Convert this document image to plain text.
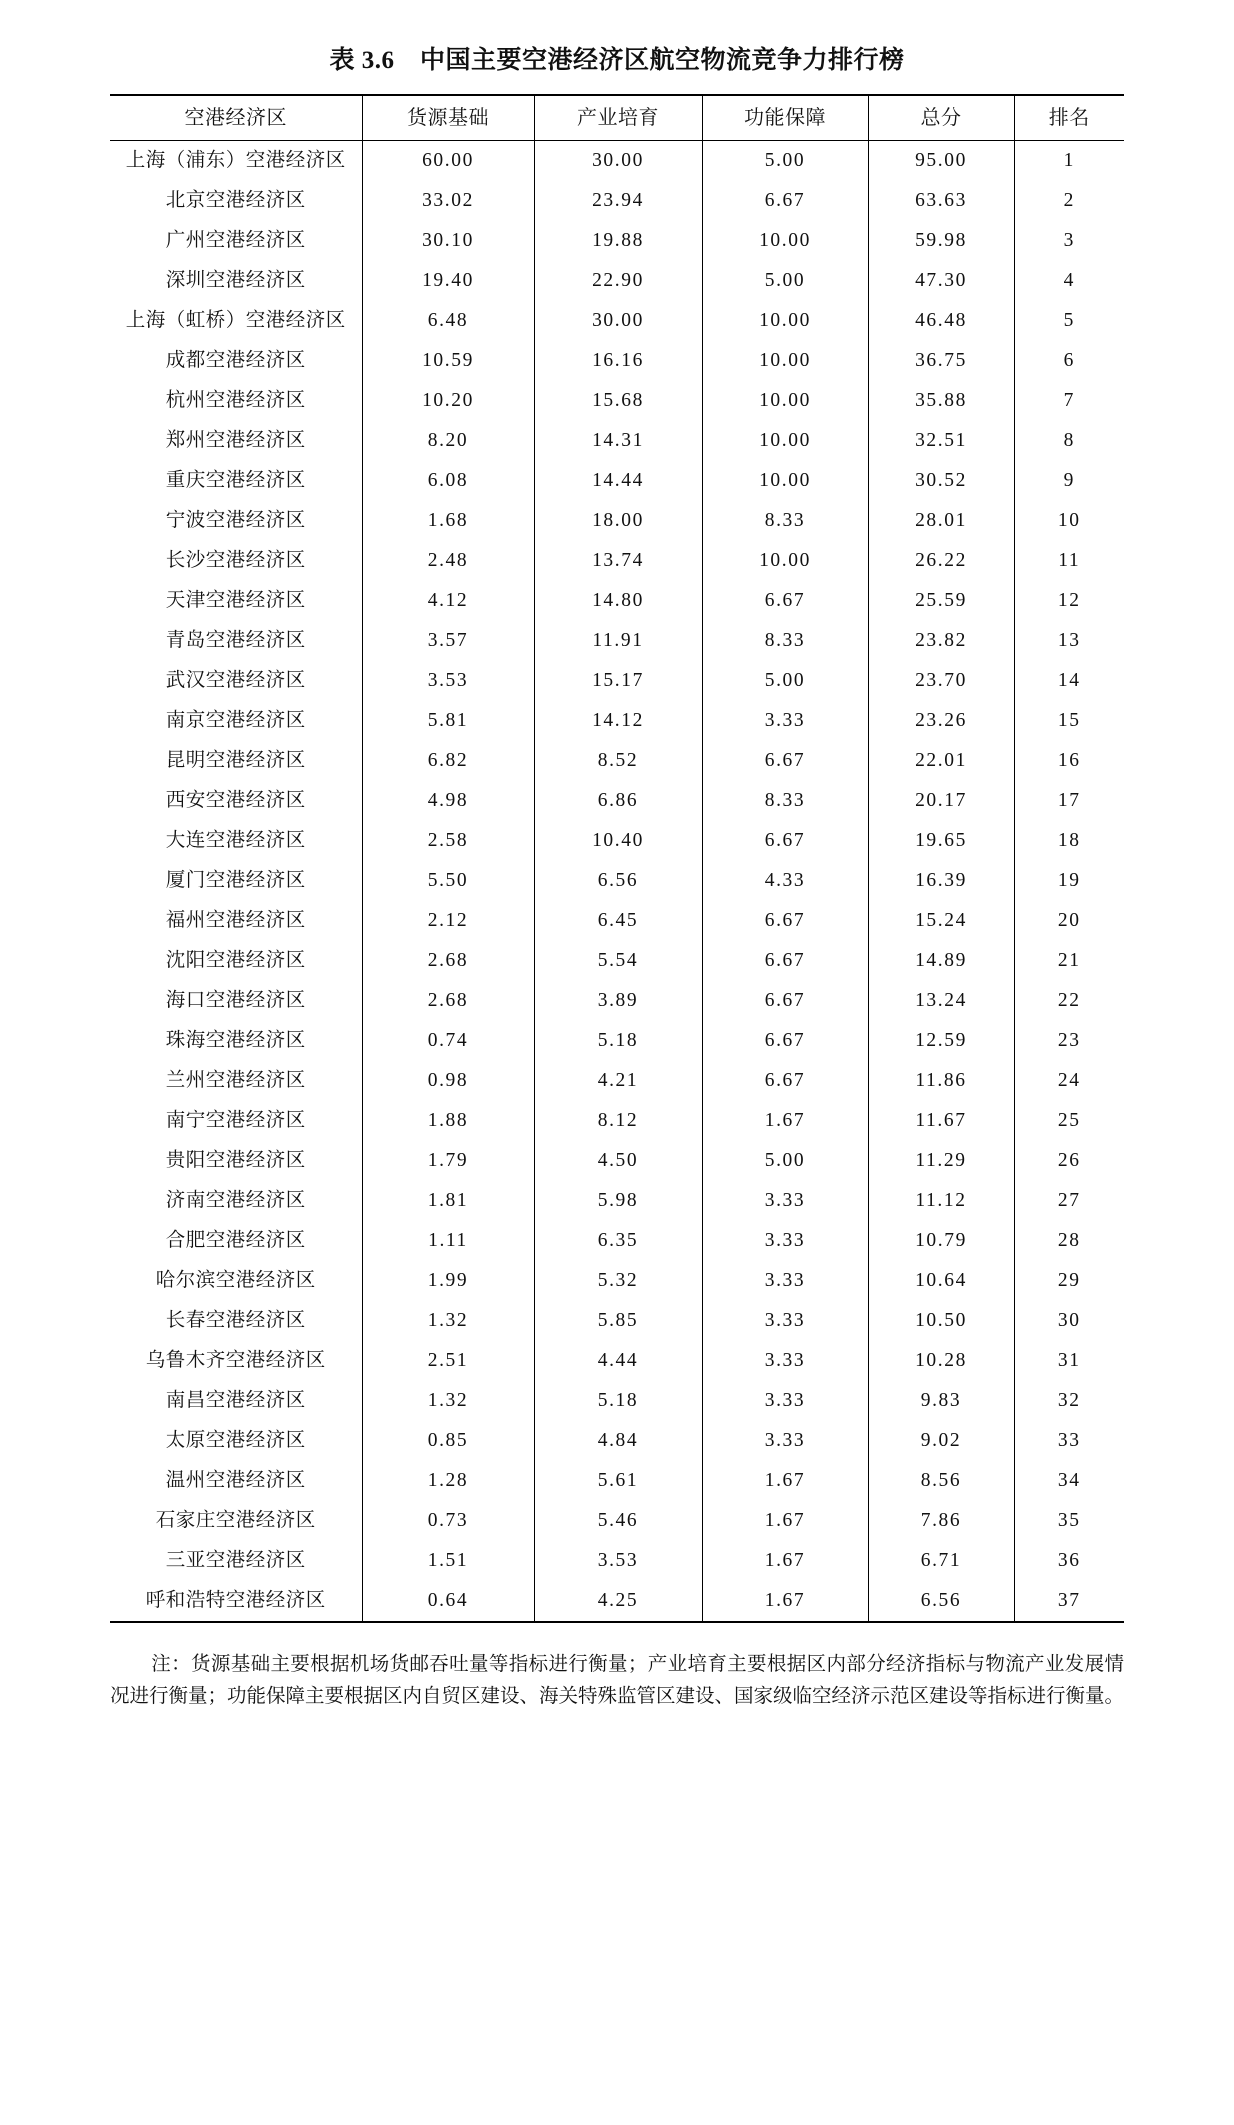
表 3.6　中国主要空港经济区航空物流竞争力排行榜
空港经济区	货源基础	产业培育	功能保障	总分	排名
上海（浦东）空港经济区	60.00	30.00	5.00	95.00	1
北京空港经济区	33.02	23.94	6.67	63.63	2
广州空港经济区	30.10	19.88	10.00	59.98	3
深圳空港经济区	19.40	22.90	5.00	47.30	4
上海（虹桥）空港经济区	6.48	30.00	10.00	46.48	5
成都空港经济区	10.59	16.16	10.00	36.75	6
杭州空港经济区	10.20	15.68	10.00	35.88	7
郑州空港经济区	8.20	14.31	10.00	32.51	8
重庆空港经济区	6.08	14.44	10.00	30.52	9
宁波空港经济区	1.68	18.00	8.33	28.01	10
长沙空港经济区	2.48	13.74	10.00	26.22	11
天津空港经济区	4.12	14.80	6.67	25.59	12
青岛空港经济区	3.57	11.91	8.33	23.82	13
武汉空港经济区	3.53	15.17	5.00	23.70	14
南京空港经济区	5.81	14.12	3.33	23.26	15
昆明空港经济区	6.82	8.52	6.67	22.01	16
西安空港经济区	4.98	6.86	8.33	20.17	17
大连空港经济区	2.58	10.40	6.67	19.65	18
厦门空港经济区	5.50	6.56	4.33	16.39	19
福州空港经济区	2.12	6.45	6.67	15.24	20
沈阳空港经济区	2.68	5.54	6.67	14.89	21
海口空港经济区	2.68	3.89	6.67	13.24	22
珠海空港经济区	0.74	5.18	6.67	12.59	23
兰州空港经济区	0.98	4.21	6.67	11.86	24
南宁空港经济区	1.88	8.12	1.67	11.67	25
贵阳空港经济区	1.79	4.50	5.00	11.29	26
济南空港经济区	1.81	5.98	3.33	11.12	27
合肥空港经济区	1.11	6.35	3.33	10.79	28
哈尔滨空港经济区	1.99	5.32	3.33	10.64	29
长春空港经济区	1.32	5.85	3.33	10.50	30
乌鲁木齐空港经济区	2.51	4.44	3.33	10.28	31
南昌空港经济区	1.32	5.18	3.33	9.83	32
太原空港经济区	0.85	4.84	3.33	9.02	33
温州空港经济区	1.28	5.61	1.67	8.56	34
石家庄空港经济区	0.73	5.46	1.67	7.86	35
三亚空港经济区	1.51	3.53	1.67	6.71	36
呼和浩特空港经济区	0.64	4.25	1.67	6.56	37
注：货源基础主要根据机场货邮吞吐量等指标进行衡量；产业培育主要根据区内部分经济指标与物流产业发展情况进行衡量；功能保障主要根据区内自贸区建设、海关特殊监管区建设、国家级临空经济示范区建设等指标进行衡量。
